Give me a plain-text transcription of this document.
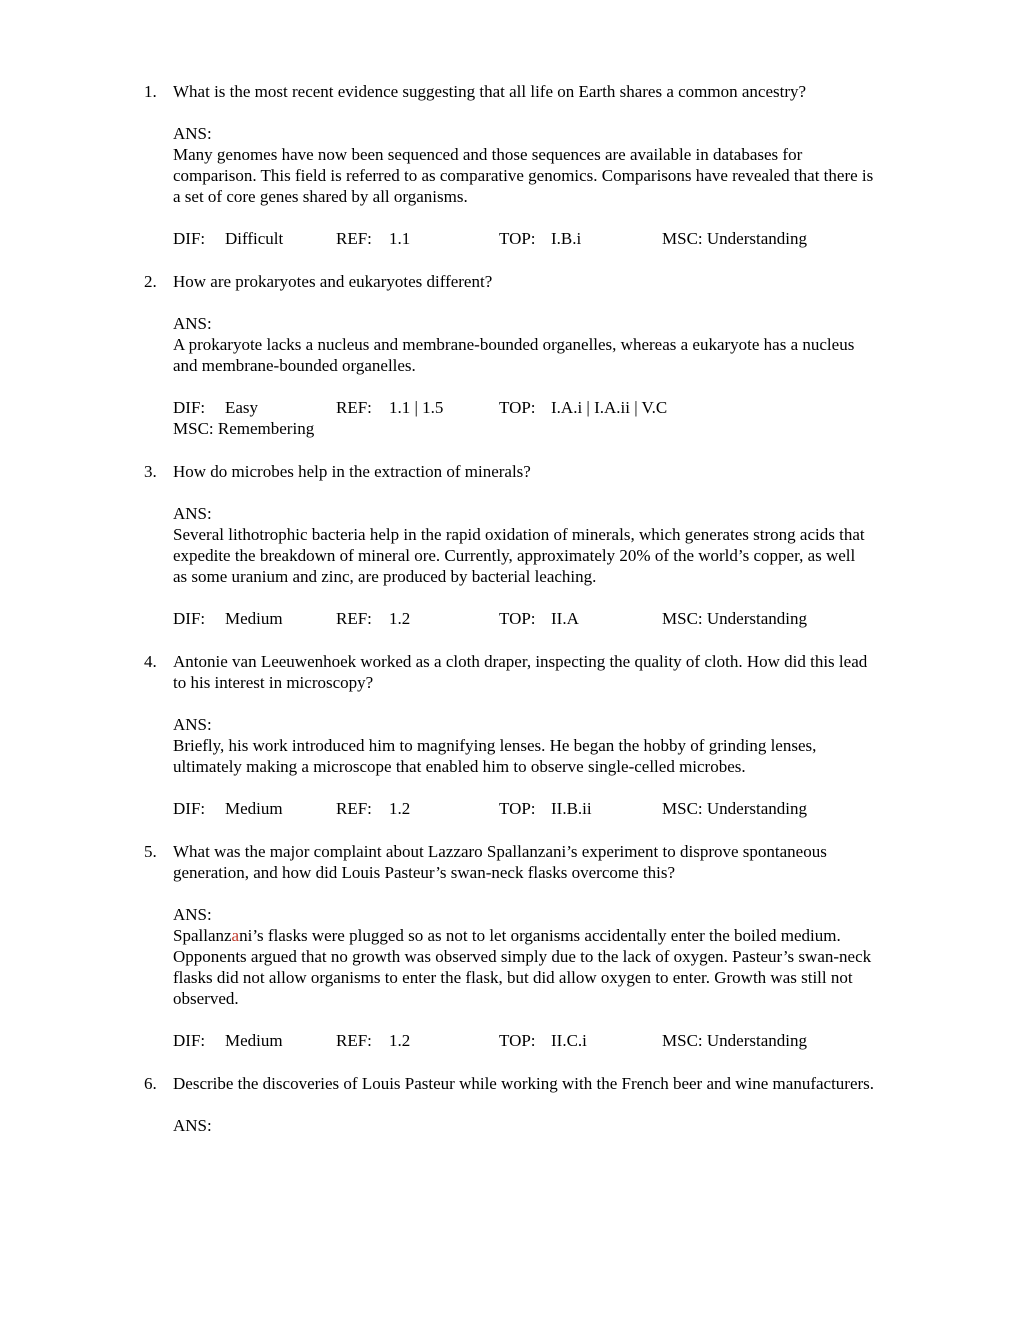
1. What is the most recent evidence suggesting that all life on Earth shares a common ancestry?
ANS:
Many genomes have now been sequenced and those sequences are available in databases for
comparison. This field is referred to as comparative genomics. Comparisons have revealed that there is
a set of core genes shared by all organisms.
DIF: Difficult	REF: 1.1	TOP: I.B.i	MSC: Understanding
2. How are prokaryotes and eukaryotes different?
ANS:
A prokaryote lacks a nucleus and membrane-bounded organelles, whereas a eukaryote has a nucleus
and membrane-bounded organelles.
DIF: Easy	REF: 1.1 | 1.5	TOP: I.A.i | I.A.ii | V.C
MSC: Remembering
3. How do microbes help in the extraction of minerals?
ANS:
Several lithotrophic bacteria help in the rapid oxidation of minerals, which generates strong acids that
expedite the breakdown of mineral ore. Currently, approximately 20% of the world’s copper, as well
as some uranium and zinc, are produced by bacterial leaching.
DIF: Medium	REF: 1.2	TOP: II.A	MSC: Understanding
4. Antonie van Leeuwenhoek worked as a cloth draper, inspecting the quality of cloth. How did this lead
to his interest in microscopy?
ANS:
Briefly, his work introduced him to magnifying lenses. He began the hobby of grinding lenses,
ultimately making a microscope that enabled him to observe single-celled microbes.
DIF: Medium	REF: 1.2	TOP: II.B.ii	MSC: Understanding
5. What was the major complaint about Lazzaro Spallanzani’s experiment to disprove spontaneous
generation, and how did Louis Pasteur’s swan-neck flasks overcome this?
ANS:
Spallanzani’s flasks were plugged so as not to let organisms accidentally enter the boiled medium.
Opponents argued that no growth was observed simply due to the lack of oxygen. Pasteur’s swan-neck
flasks did not allow organisms to enter the flask, but did allow oxygen to enter. Growth was still not
observed.
DIF: Medium	REF: 1.2	TOP: II.C.i	MSC: Understanding
6. Describe the discoveries of Louis Pasteur while working with the French beer and wine manufacturers.
ANS:
